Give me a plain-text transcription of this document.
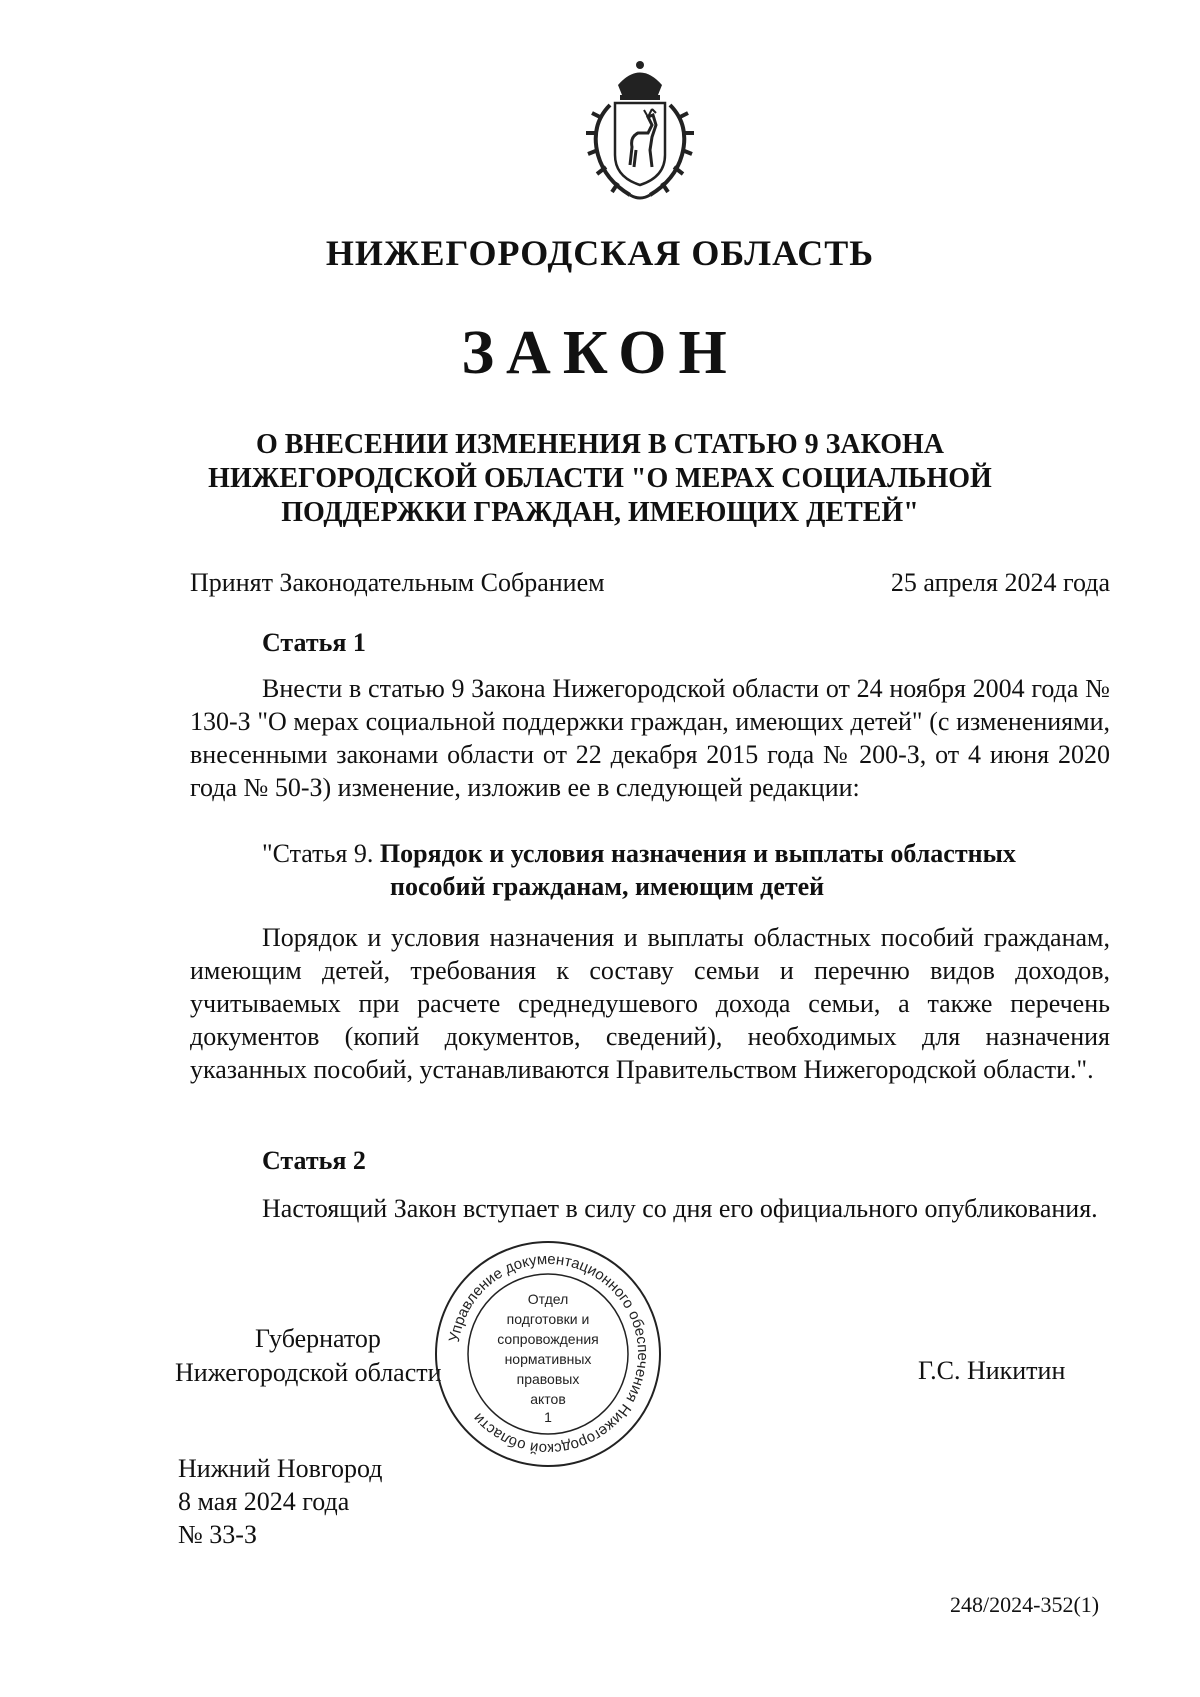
НИЖЕГОРОДСКАЯ ОБЛАСТЬ
ЗАКОН
О ВНЕСЕНИИ ИЗМЕНЕНИЯ В СТАТЬЮ 9 ЗАКОНА
НИЖЕГОРОДСКОЙ ОБЛАСТИ "О МЕРАХ СОЦИАЛЬНОЙ
ПОДДЕРЖКИ ГРАЖДАН, ИМЕЮЩИХ ДЕТЕЙ"
Принят Законодательным Собранием	25 апреля 2024 года
Статья 1
Внести в статью 9 Закона Нижегородской области от 24 ноября 2004 года № 130-З "О мерах социальной поддержки граждан, имеющих детей" (с изменениями, внесенными законами области от 22 декабря 2015 года № 200-З, от 4 июня 2020 года № 50-З) изменение, изложив ее в следующей редакции:
"Статья 9. Порядок и условия назначения и выплаты областных
пособий гражданам, имеющим детей
Порядок и условия назначения и выплаты областных пособий гражданам, имеющим детей, требования к составу семьи и перечню видов доходов, учитываемых при расчете среднедушевого дохода семьи, а также перечень документов (копий документов, сведений), необходимых для назначения указанных пособий, устанавливаются Правительством Нижегородской области.".
Статья 2
Настоящий Закон вступает в силу со дня его официального опубликования.
Губернатор
Нижегородской области	Г.С. Никитин
Управление документационного обеспечения Нижегородской области
Отдел
подготовки и
сопровождения
нормативных
правовых
актов
1
Нижний Новгород
8 мая 2024 года
№ 33-З
248/2024-352(1)
